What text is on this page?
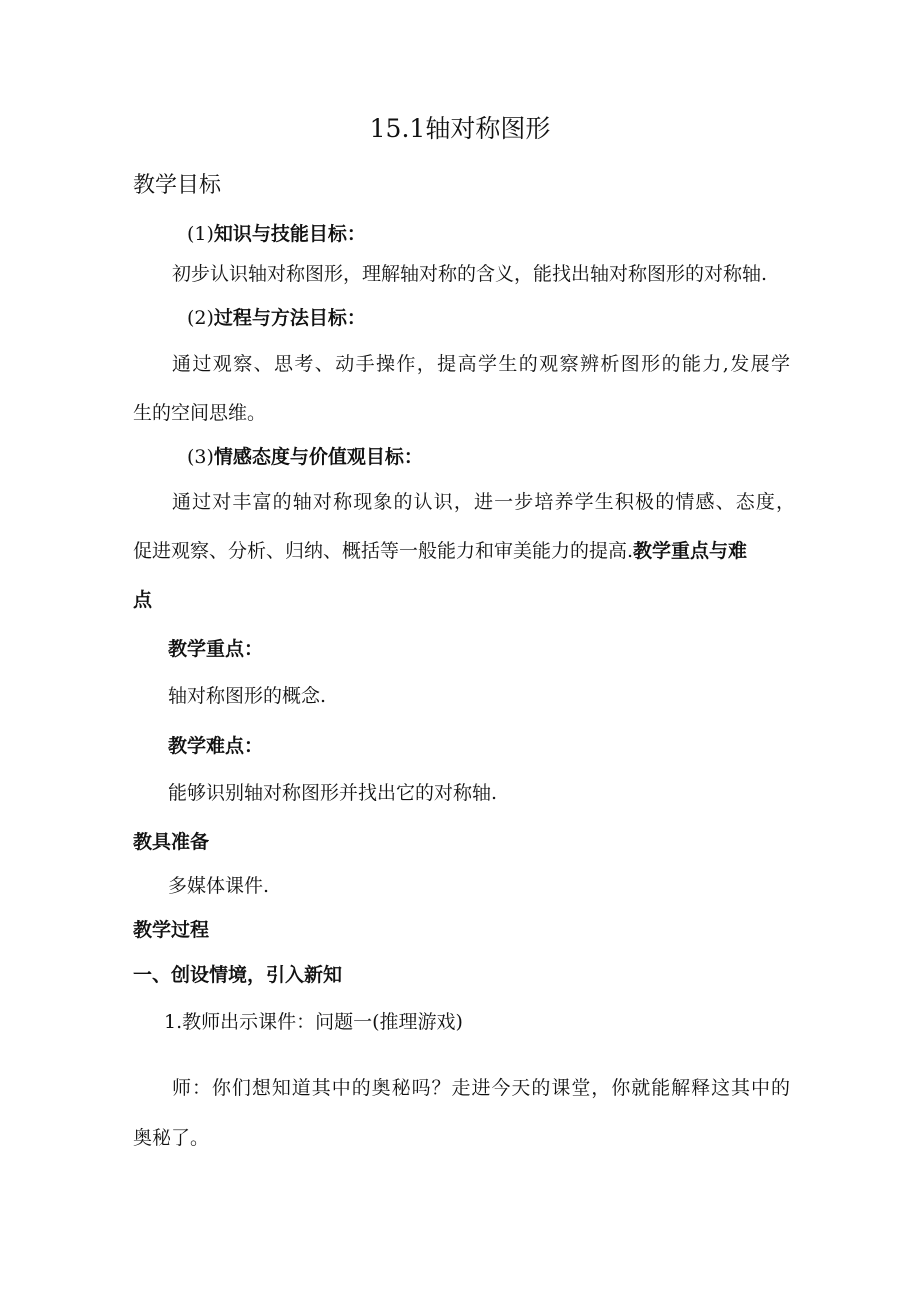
15.1轴对称图形
教学目标
(1)知识与技能目标：
初步认识轴对称图形，理解轴对称的含义，能找出轴对称图形的对称轴.
(2)过程与方法目标：
通过观察、思考、动手操作，提高学生的观察辨析图形的能力,发展学
生的空间思维。
(3)情感态度与价值观目标：
通过对丰富的轴对称现象的认识，进一步培养学生积极的情感、态度，
促进观察、分析、归纳、概括等一般能力和审美能力的提高.教学重点与难
点
教学重点：
轴对称图形的概念.
教学难点：
能够识别轴对称图形并找出它的对称轴.
教具准备
多媒体课件.
教学过程
一、创设情境，引入新知
1.教师出示课件：问题一(推理游戏)
师：你们想知道其中的奥秘吗？走进今天的课堂，你就能解释这其中的
奥秘了。
